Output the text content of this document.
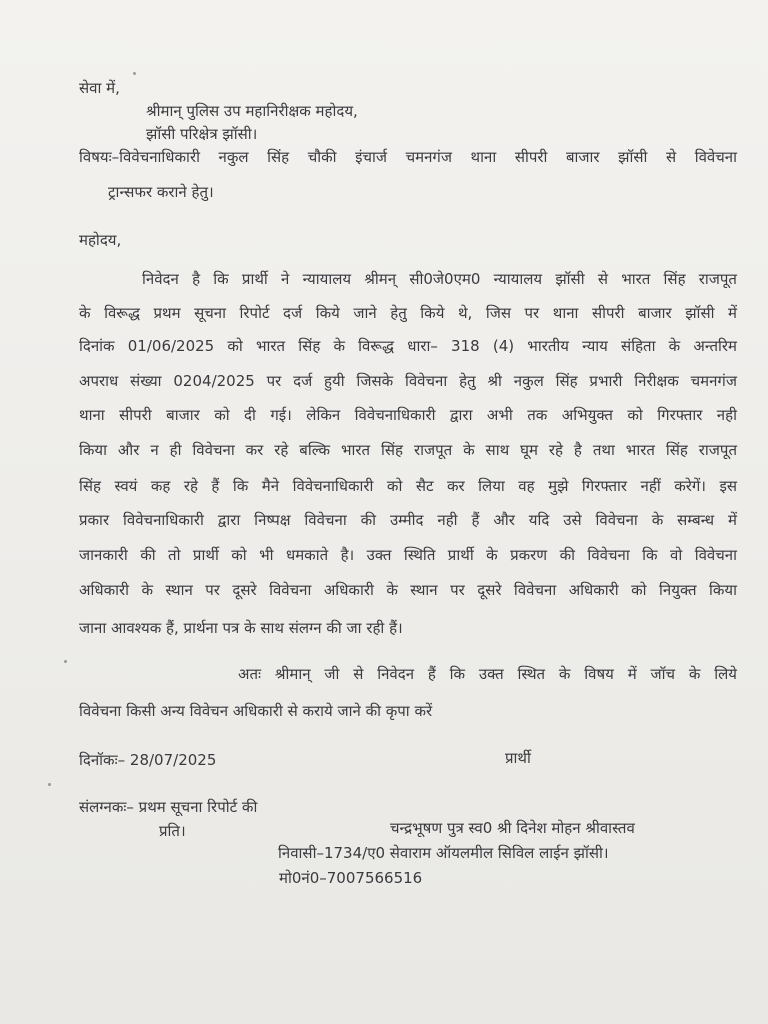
सेवा में,
श्रीमान् पुलिस उप महानिरीक्षक महोदय,
झॉसी परिक्षेत्र झॉसी।
विषयः–विवेचनाधिकारी नकुल सिंह चौकी इंचार्ज चमनगंज थाना सीपरी बाजार झॉसी से विवेचना
ट्रान्सफर कराने हेतु।
महोदय,
निवेदन है कि प्रार्थी ने न्यायालय श्रीमन् सी0जे0एम0 न्यायालय झॉसी से भारत सिंह राजपूत
के विरूद्ध प्रथम सूचना रिपोर्ट दर्ज किये जाने हेतु किये थे, जिस पर थाना सीपरी बाजार झॉसी में
दिनांक 01/06/2025 को भारत सिंह के विरूद्ध धारा– 318 (4) भारतीय न्याय संहिता के अन्तरिम
अपराध संख्या 0204/2025 पर दर्ज हुयी जिसके विवेचना हेतु श्री नकुल सिंह प्रभारी निरीक्षक चमनगंज
थाना सीपरी बाजार को दी गई। लेकिन विवेचनाधिकारी द्वारा अभी तक अभियुक्त को गिरफ्तार नही
किया और न ही विवेचना कर रहे बल्कि भारत सिंह राजपूत के साथ घूम रहे है तथा भारत सिंह राजपूत
सिंह स्वयं कह रहे हैं कि मैने विवेचनाधिकारी को सैट कर लिया वह मुझे गिरफ्तार नहीं करेगें। इस
प्रकार विवेचनाधिकारी द्वारा निष्पक्ष विवेचना की उम्मीद नही हैं और यदि उसे विवेचना के सम्बन्ध में
जानकारी की तो प्रार्थी को भी धमकाते है। उक्त स्थिति प्रार्थी के प्रकरण की विवेचना कि वो विवेचना
अधिकारी के स्थान पर दूसरे विवेचना अधिकारी के स्थान पर दूसरे विवेचना अधिकारी को नियुक्त किया
जाना आवश्यक हैं, प्रार्थना पत्र के साथ संलग्न की जा रही हैं।
अतः श्रीमान् जी से निवेदन हैं कि उक्त स्थित के विषय में जॉच के लिये
विवेचना किसी अन्य विवेचन अधिकारी से कराये जाने की कृपा करें
दिनॉकः– 28/07/2025	प्रार्थी
संलग्नकः– प्रथम सूचना रिपोर्ट की
प्रति।	चन्द्रभूषण पुत्र स्व0 श्री दिनेश मोहन श्रीवास्तव
निवासी–1734/ए0 सेवाराम ऑयलमील सिविल लाईन झॉसी।
मो0नं0–7007566516
